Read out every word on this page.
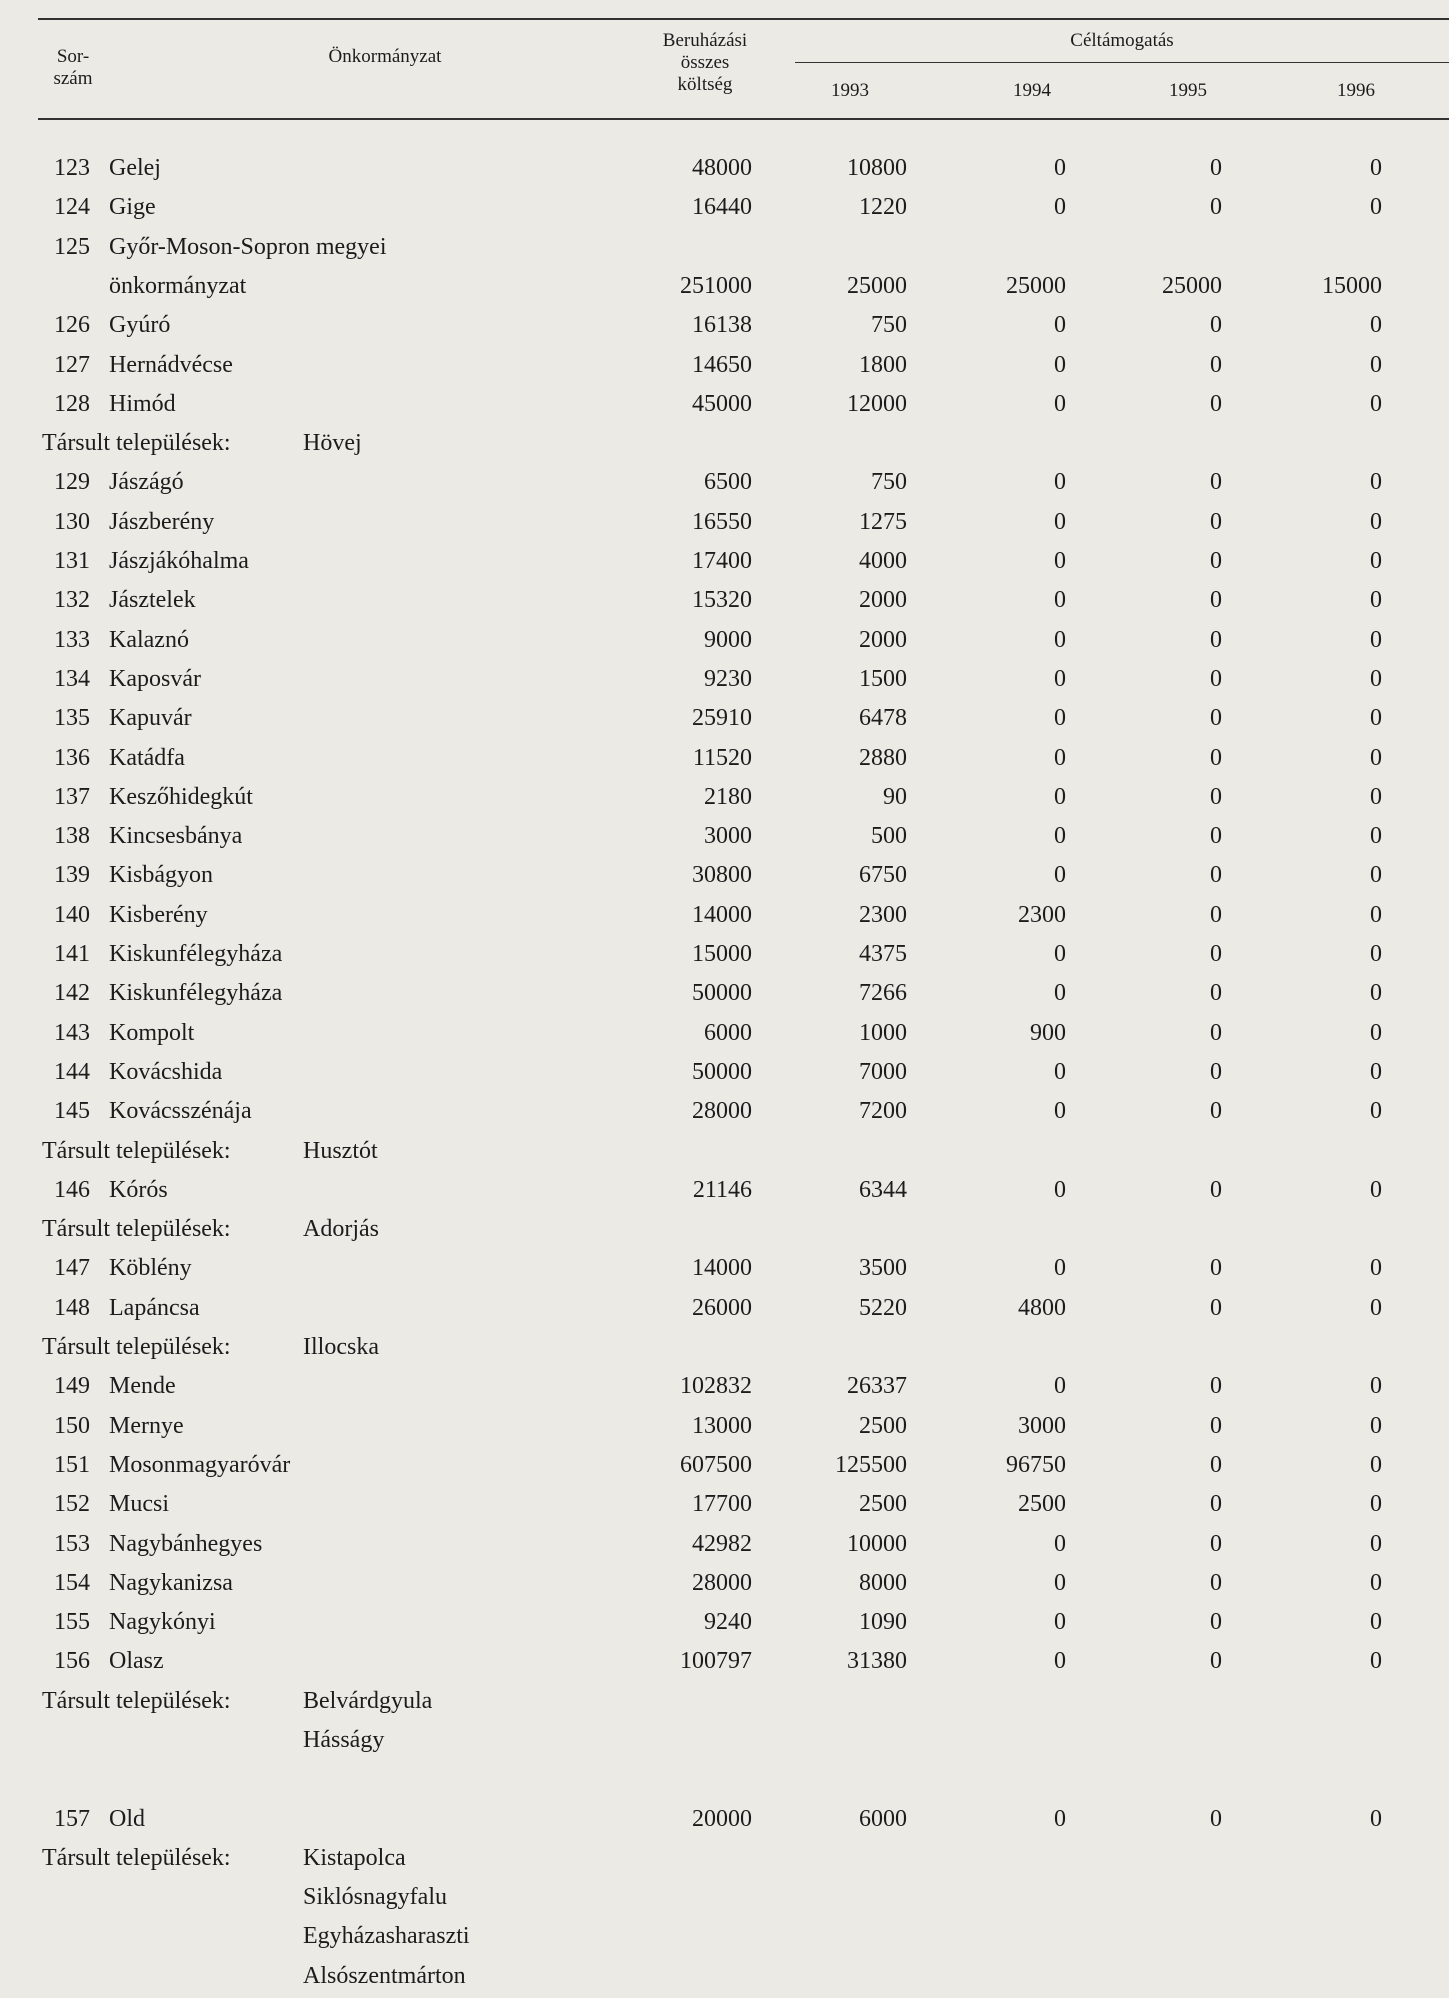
Sor-
szám
Önkormányzat
Beruházási
összes
költség
Céltámogatás
1993	1994	1995	1996
123 Gelej	48000	10800	0	0	0
124 Gige	16440	1220	0	0	0
125 Győr-Moson-Sopron megyei
önkormányzat	251000	25000	25000	25000	15000
126 Gyúró	16138	750	0	0	0
127 Hernádvécse	14650	1800	0	0	0
128 Himód	45000	12000	0	0	0
Társult települések:	Hövej
129 Jászágó	6500	750	0	0	0
130 Jászberény	16550	1275	0	0	0
131 Jászjákóhalma	17400	4000	0	0	0
132 Jásztelek	15320	2000	0	0	0
133 Kalaznó	9000	2000	0	0	0
134 Kaposvár	9230	1500	0	0	0
135 Kapuvár	25910	6478	0	0	0
136 Katádfa	11520	2880	0	0	0
137 Keszőhidegkút	2180	90	0	0	0
138 Kincsesbánya	3000	500	0	0	0
139 Kisbágyon	30800	6750	0	0	0
140 Kisberény	14000	2300	2300	0	0
141 Kiskunfélegyháza	15000	4375	0	0	0
142 Kiskunfélegyháza	50000	7266	0	0	0
143 Kompolt	6000	1000	900	0	0
144 Kovácshida	50000	7000	0	0	0
145 Kovácsszénája	28000	7200	0	0	0
Társult települések:	Husztót
146 Kórós	21146	6344	0	0	0
Társult települések:	Adorjás
147 Köblény	14000	3500	0	0	0
148 Lapáncsa	26000	5220	4800	0	0
Társult települések:	Illocska
149 Mende	102832	26337	0	0	0
150 Mernye	13000	2500	3000	0	0
151 Mosonmagyaróvár	607500	125500	96750	0	0
152 Mucsi	17700	2500	2500	0	0
153 Nagybánhegyes	42982	10000	0	0	0
154 Nagykanizsa	28000	8000	0	0	0
155 Nagykónyi	9240	1090	0	0	0
156 Olasz	100797	31380	0	0	0
Társult települések:	Belvárdgyula
Hásságy
157 Old	20000	6000	0	0	0
Társult települések:	Kistapolca
Siklósnagyfalu
Egyházasharaszti
Alsószentmárton
